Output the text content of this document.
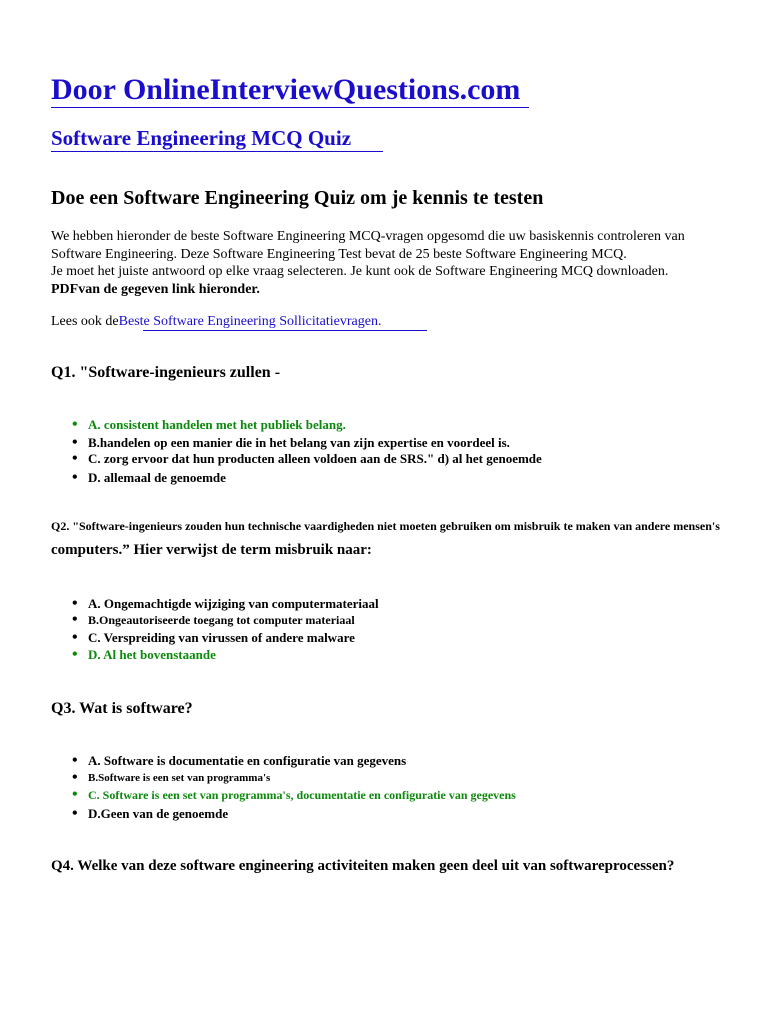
Door OnlineInterviewQuestions.com
Software Engineering MCQ Quiz
Doe een Software Engineering Quiz om je kennis te testen
We hebben hieronder de beste Software Engineering MCQ-vragen opgesomd die uw basiskennis controleren van
Software Engineering. Deze Software Engineering Test bevat de 25 beste Software Engineering MCQ.
Je moet het juiste antwoord op elke vraag selecteren. Je kunt ook de Software Engineering MCQ downloaden.
PDFvan de gegeven link hieronder.
Lees ook deBeste Software Engineering Sollicitatievragen.
Q1. "Software-ingenieurs zullen -
• A. consistent handelen met het publiek belang.
• B.handelen op een manier die in het belang van zijn expertise en voordeel is.
• C. zorg ervoor dat hun producten alleen voldoen aan de SRS." d) al het genoemde
• D. allemaal de genoemde
Q2. "Software-ingenieurs zouden hun technische vaardigheden niet moeten gebruiken om misbruik te maken van andere mensen's
computers.” Hier verwijst de term misbruik naar:
• A. Ongemachtigde wijziging van computermateriaal
• B.Ongeautoriseerde toegang tot computer materiaal
• C. Verspreiding van virussen of andere malware
• D. Al het bovenstaande
Q3. Wat is software?
• A. Software is documentatie en configuratie van gegevens
• B.Software is een set van programma's
• C. Software is een set van programma's, documentatie en configuratie van gegevens
• D.Geen van de genoemde
Q4. Welke van deze software engineering activiteiten maken geen deel uit van softwareprocessen?
